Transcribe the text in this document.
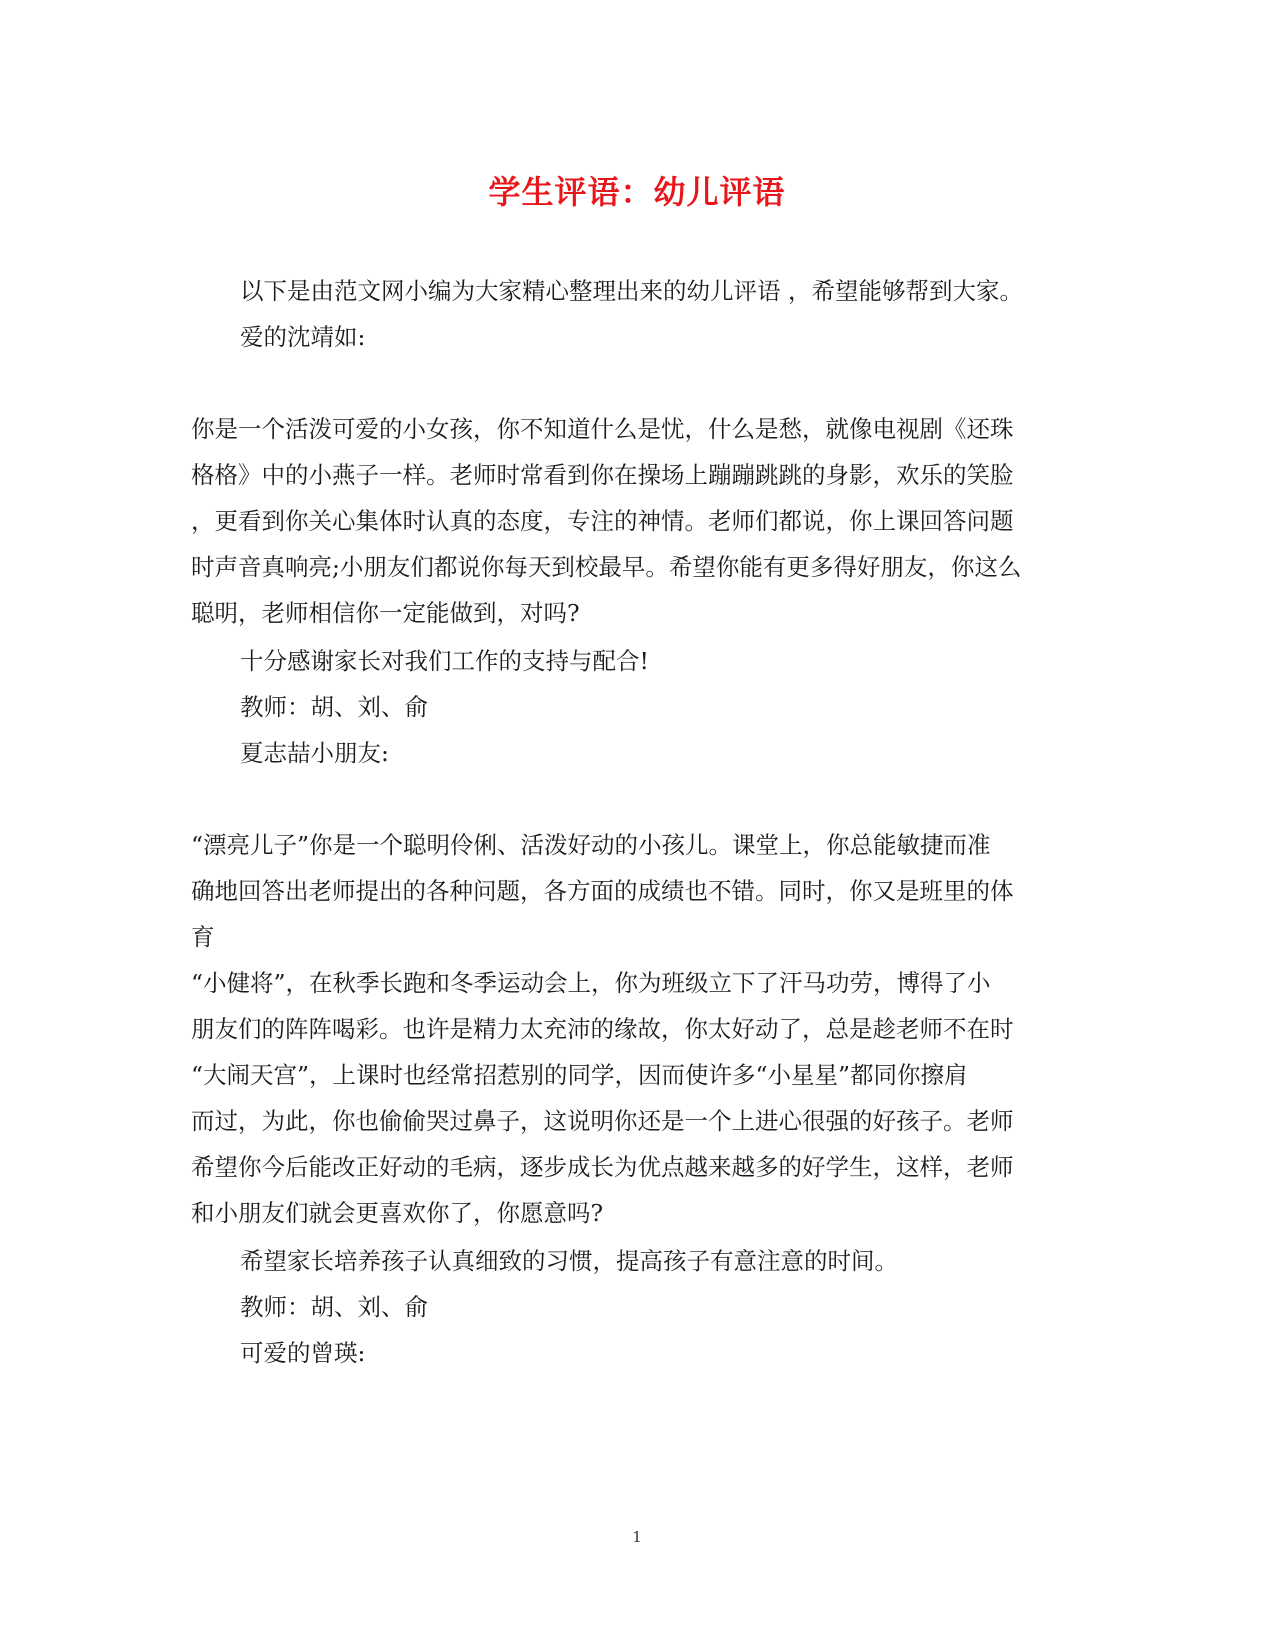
学生评语：幼儿评语
以下是由范文网小编为大家精心整理出来的幼儿评语 ，希望能够帮到大家。
爱的沈靖如:
你是一个活泼可爱的小女孩，你不知道什么是忧，什么是愁，就像电视剧《还珠
格格》中的小燕子一样。老师时常看到你在操场上蹦蹦跳跳的身影，欢乐的笑脸
，更看到你关心集体时认真的态度，专注的神情。老师们都说，你上课回答问题
时声音真响亮;小朋友们都说你每天到校最早。希望你能有更多得好朋友，你这么
聪明，老师相信你一定能做到，对吗?
十分感谢家长对我们工作的支持与配合!
教师：胡、刘、俞
夏志喆小朋友:
“漂亮儿子”你是一个聪明伶俐、活泼好动的小孩儿。课堂上，你总能敏捷而准
确地回答出老师提出的各种问题，各方面的成绩也不错。同时，你又是班里的体
育
“小健将”，在秋季长跑和冬季运动会上，你为班级立下了汗马功劳，博得了小
朋友们的阵阵喝彩。也许是精力太充沛的缘故，你太好动了，总是趁老师不在时
“大闹天宫”，上课时也经常招惹别的同学，因而使许多“小星星”都同你擦肩
而过，为此，你也偷偷哭过鼻子，这说明你还是一个上进心很强的好孩子。老师
希望你今后能改正好动的毛病，逐步成长为优点越来越多的好学生，这样，老师
和小朋友们就会更喜欢你了，你愿意吗?
希望家长培养孩子认真细致的习惯，提高孩子有意注意的时间。
教师：胡、刘、俞
可爱的曾瑛:
1
